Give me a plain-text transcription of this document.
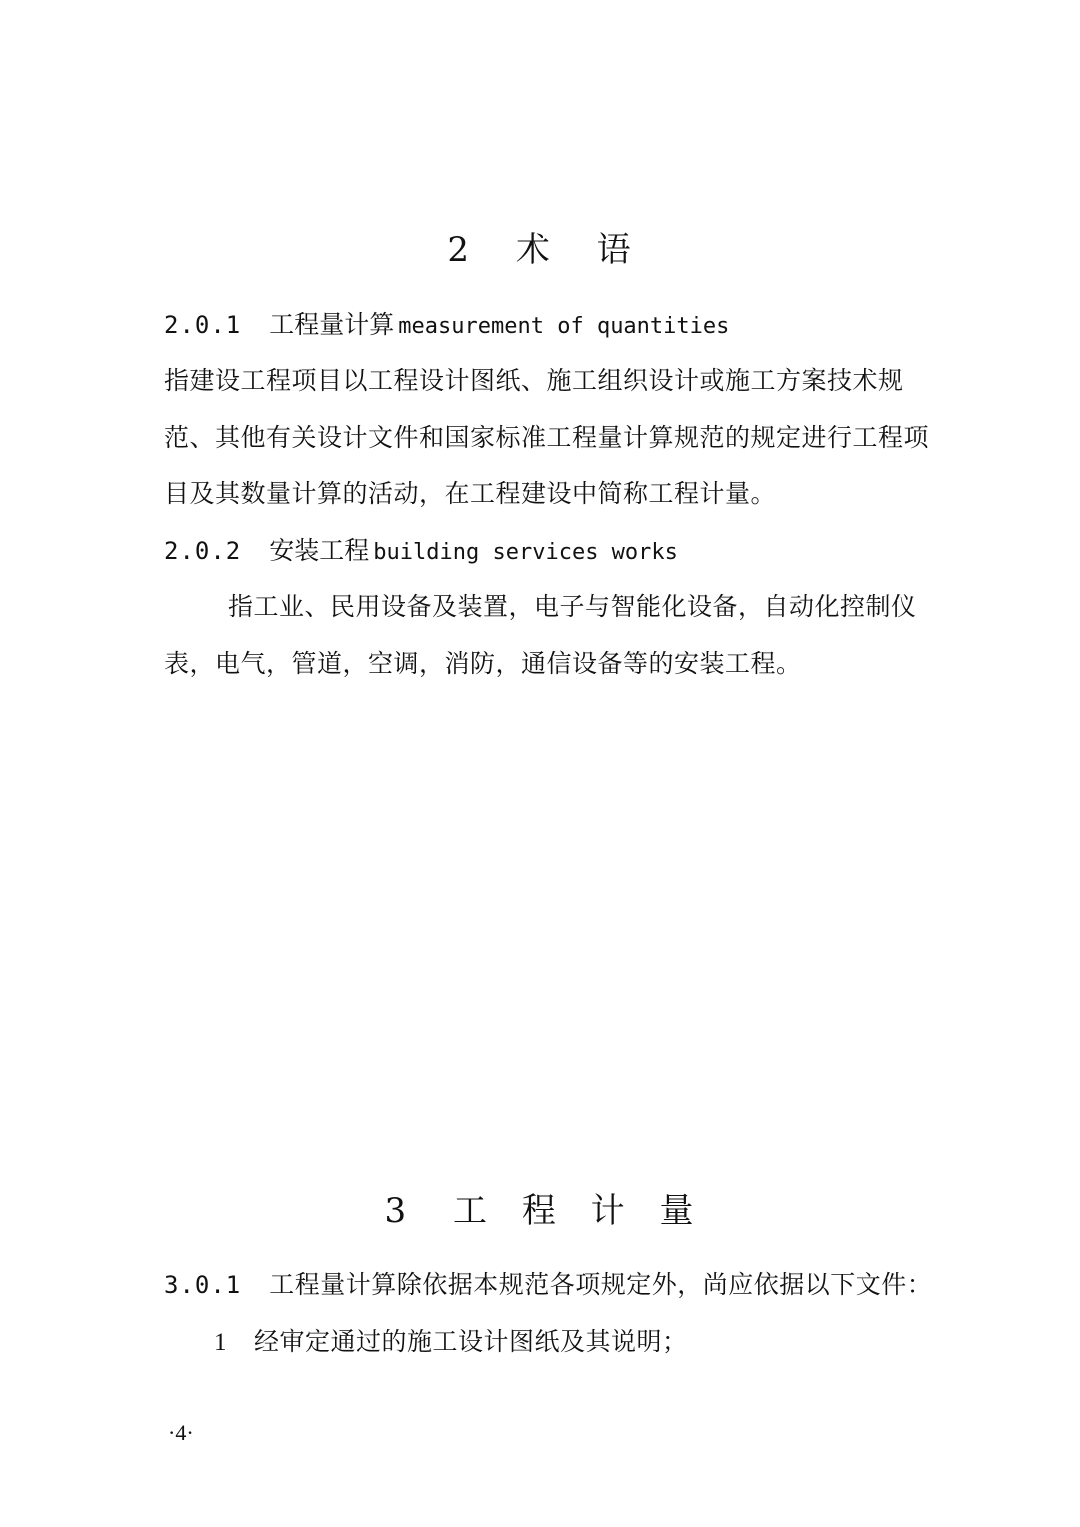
2 术 语
2.0.1 工程量计算 measurement of quantities
指建设工程项目以工程设计图纸、施工组织设计或施工方案技术规
范、其他有关设计文件和国家标准工程量计算规范的规定进行工程项
目及其数量计算的活动，在工程建设中简称工程计量。
2.0.2 安装工程 building services works
指工业、民用设备及装置，电子与智能化设备，自动化控制仪
表，电气，管道，空调，消防，通信设备等的安装工程。
3 工 程 计 量
3.0.1 工程量计算除依据本规范各项规定外，尚应依据以下文件：
1 经审定通过的施工设计图纸及其说明；
·4·
